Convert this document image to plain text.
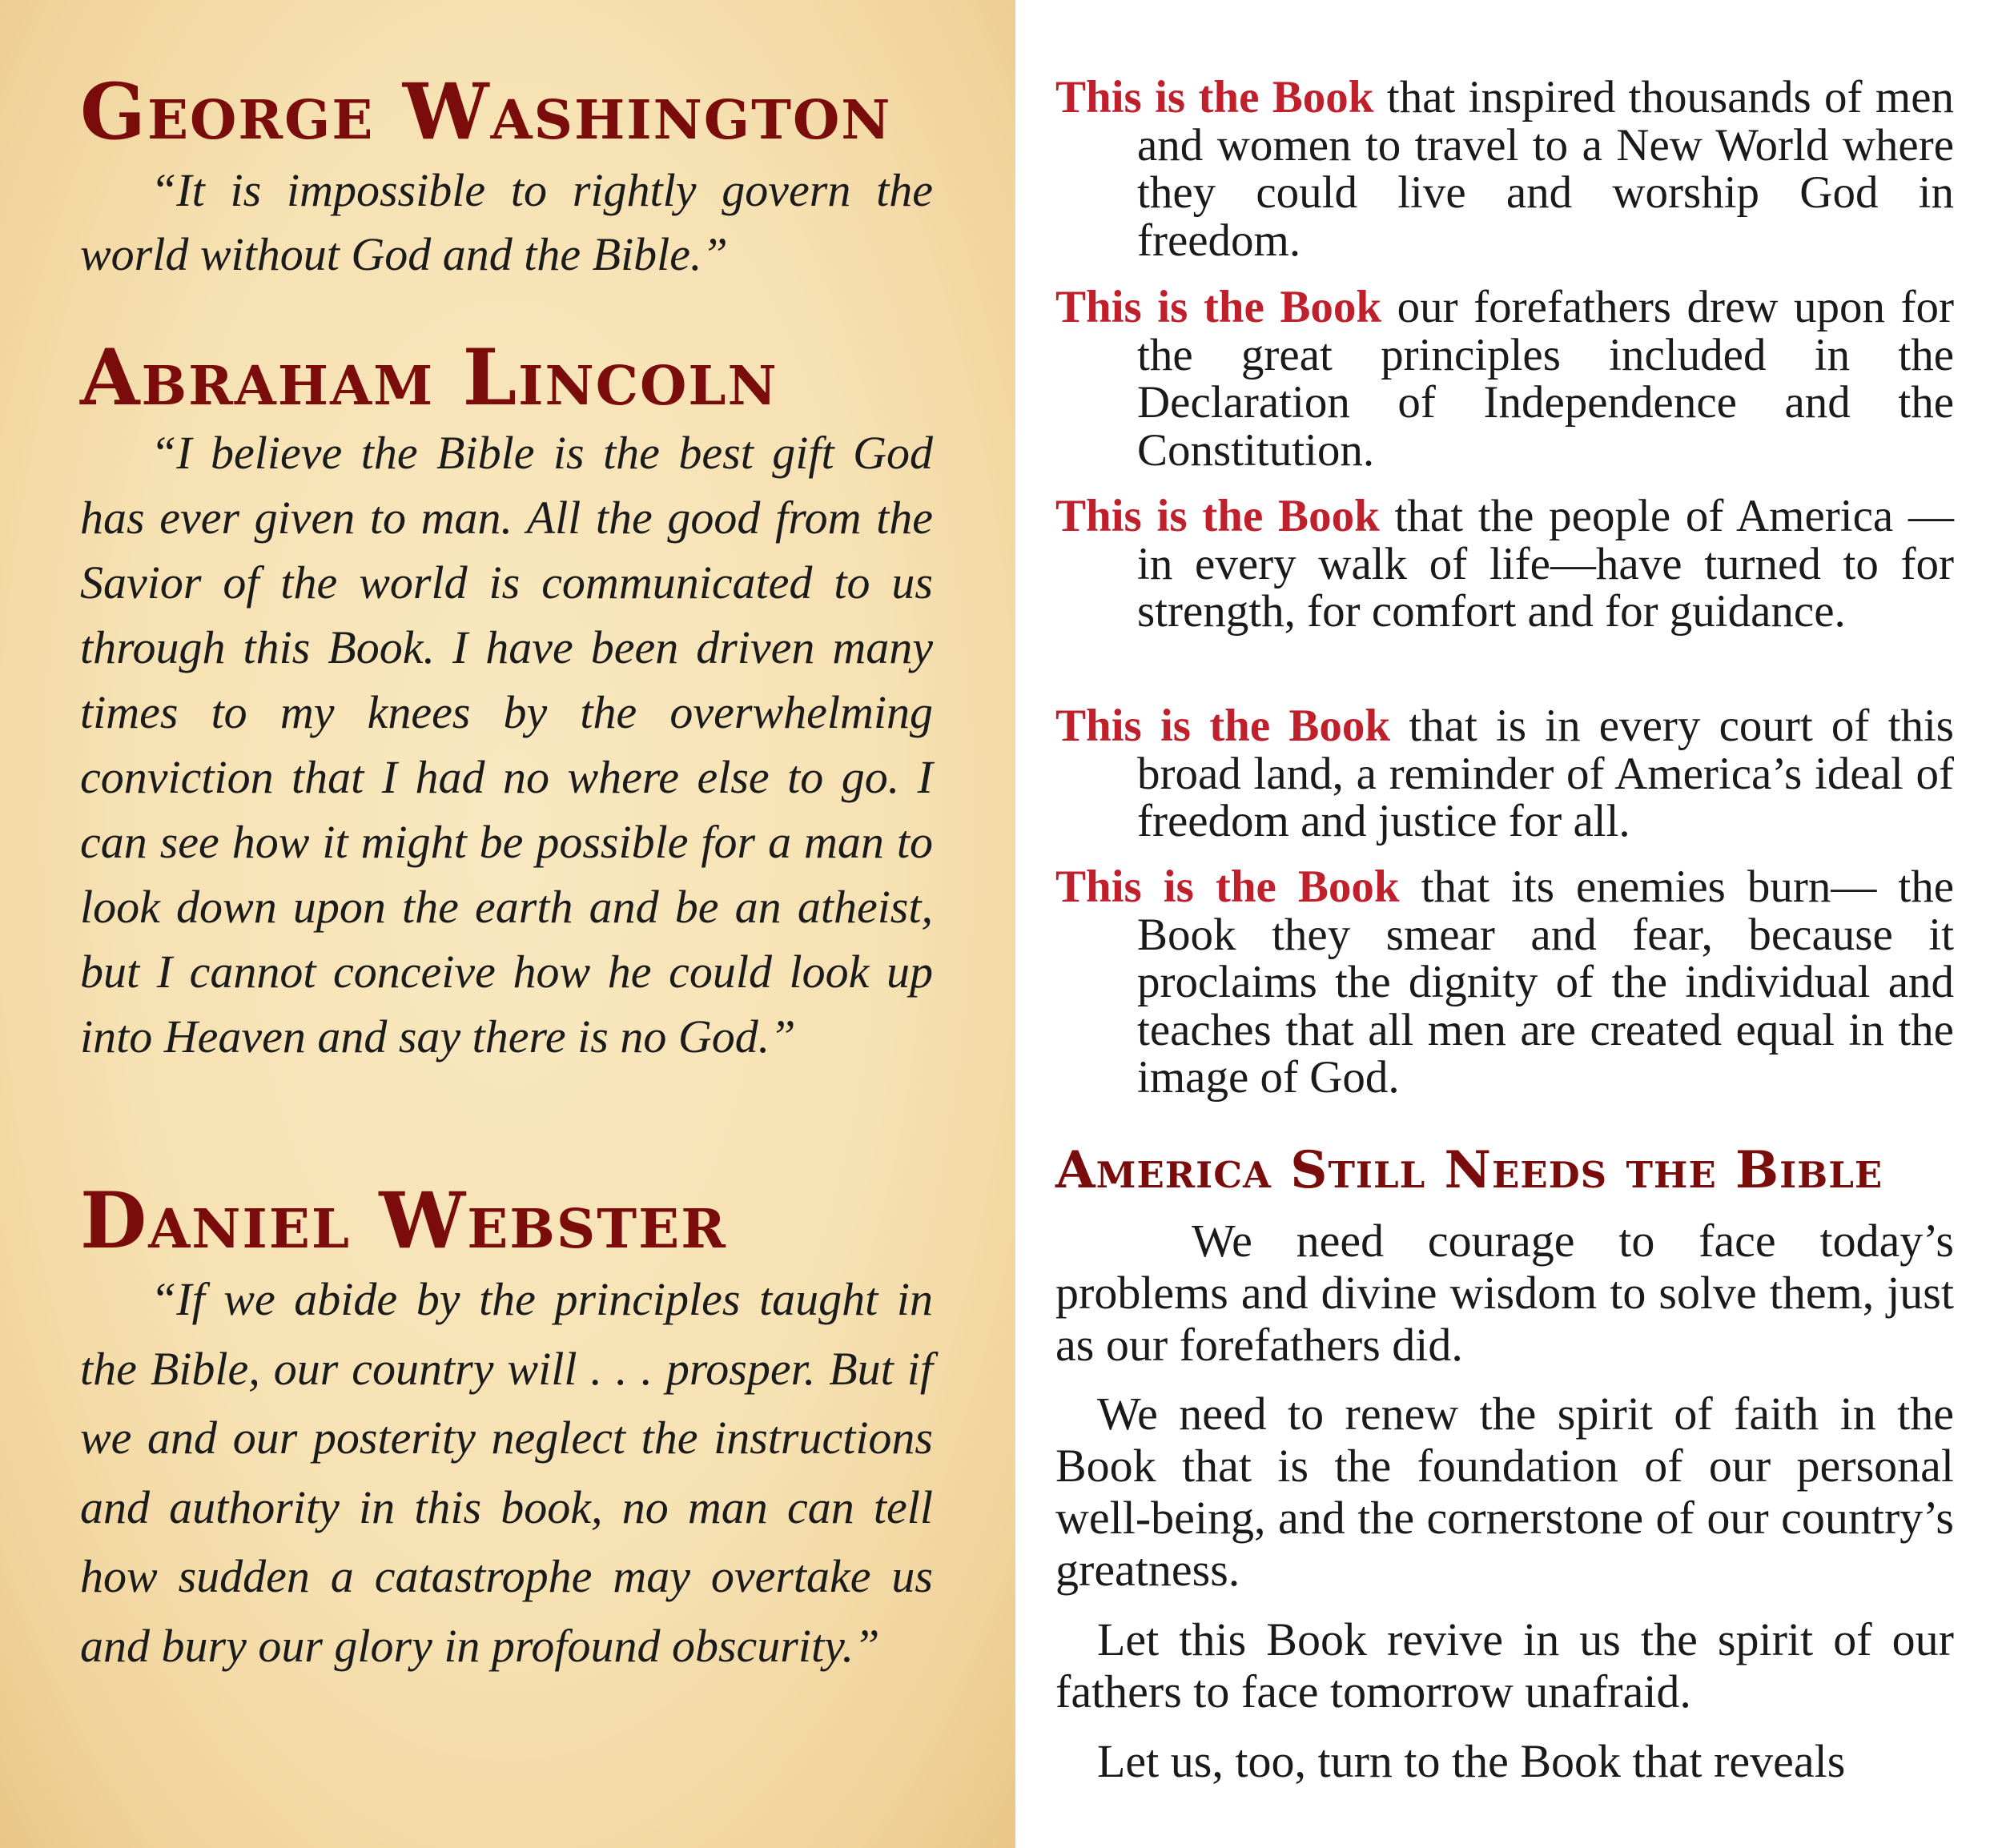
George Washington

“It is impossible to rightly govern the world without God and the Bible.”

Abraham Lincoln

“I believe the Bible is the best gift God has ever given to man. All the good from the Savior of the world is communicated to us through this Book. I have been driven many times to my knees by the overwhelming conviction that I had no where else to go. I can see how it might be possible for a man to look down upon the earth and be an atheist, but I cannot conceive how he could look up into Heaven and say there is no God.”

Daniel Webster

“If we abide by the principles taught in the Bible, our country will . . . prosper. But if we and our posterity neglect the instructions and authority in this book, no man can tell how sudden a catastrophe may overtake us and bury our glory in profound obscurity.”

This is the Book that inspired thousands of men and women to travel to a New World where they could live and worship God in freedom.

This is the Book our forefathers drew upon for the great principles included in the Declaration of Independence and the Constitution.

This is the Book that the people of America —in every walk of life—have turned to for strength, for comfort and for guidance.

This is the Book that is in every court of this broad land, a reminder of America’s ideal of freedom and justice for all.

This is the Book that its enemies burn— the Book they smear and fear, because it proclaims the dignity of the individual and teaches that all men are created equal in the image of God.

America Still Needs the Bible

We need courage to face today’s problems and divine wisdom to solve them, just as our forefathers did.

We need to renew the spirit of faith in the Book that is the foundation of our personal well-being, and the cornerstone of our country’s greatness.

Let this Book revive in us the spirit of our fathers to face tomorrow unafraid.

Let us, too, turn to the Book that reveals
